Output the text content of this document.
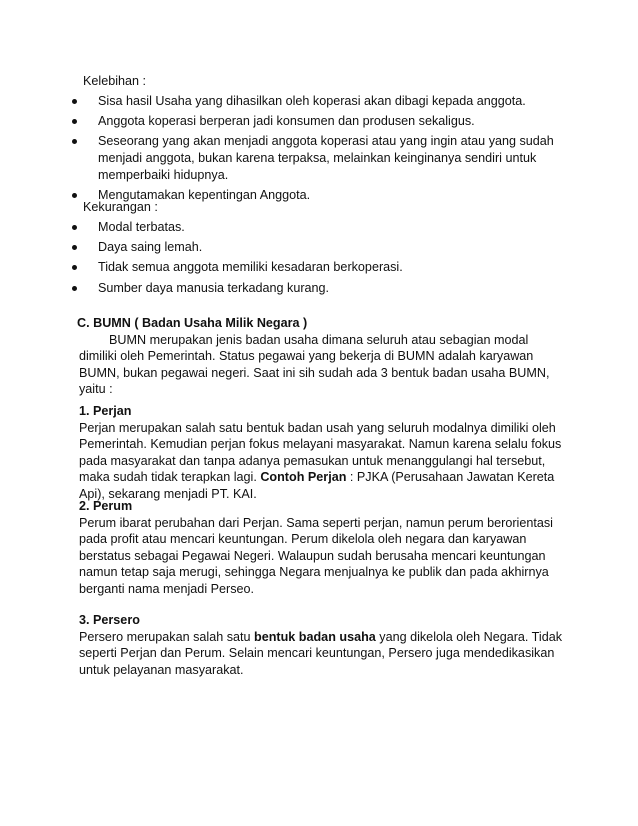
Kelebihan :
Sisa hasil Usaha yang dihasilkan oleh koperasi akan dibagi kepada anggota.
Anggota koperasi berperan jadi konsumen dan produsen sekaligus.
Seseorang yang akan menjadi anggota koperasi atau yang ingin atau yang sudah menjadi anggota, bukan karena terpaksa, melainkan keinginanya sendiri untuk memperbaiki hidupnya.
Mengutamakan kepentingan Anggota.
Kekurangan :
Modal terbatas.
Daya saing lemah.
Tidak semua anggota memiliki kesadaran berkoperasi.
Sumber daya manusia terkadang kurang.
C. BUMN ( Badan Usaha Milik Negara )

BUMN merupakan jenis badan usaha dimana seluruh atau sebagian modal dimiliki oleh Pemerintah. Status pegawai yang bekerja di BUMN adalah karyawan BUMN, bukan pegawai negeri. Saat ini sih sudah ada 3 bentuk badan usaha BUMN, yaitu :

1. Perjan

Perjan merupakan salah satu bentuk badan usah yang seluruh modalnya dimiliki oleh Pemerintah. Kemudian perjan fokus melayani masyarakat. Namun karena selalu fokus pada masyarakat dan tanpa adanya pemasukan untuk menanggulangi hal tersebut, maka sudah tidak terapkan lagi. Contoh Perjan : PJKA (Perusahaan Jawatan Kereta Api), sekarang menjadi PT. KAI.

2. Perum

Perum ibarat perubahan dari Perjan. Sama seperti perjan, namun perum berorientasi pada profit atau mencari keuntungan. Perum dikelola oleh negara dan karyawan berstatus sebagai Pegawai Negeri. Walaupun sudah berusaha mencari keuntungan namun tetap saja merugi, sehingga Negara menjualnya ke publik dan pada akhirnya berganti nama menjadi Perseo.

3. Persero

Persero merupakan salah satu bentuk badan usaha yang dikelola oleh Negara. Tidak seperti Perjan dan Perum. Selain mencari keuntungan, Persero juga mendedikasikan untuk pelayanan masyarakat.
